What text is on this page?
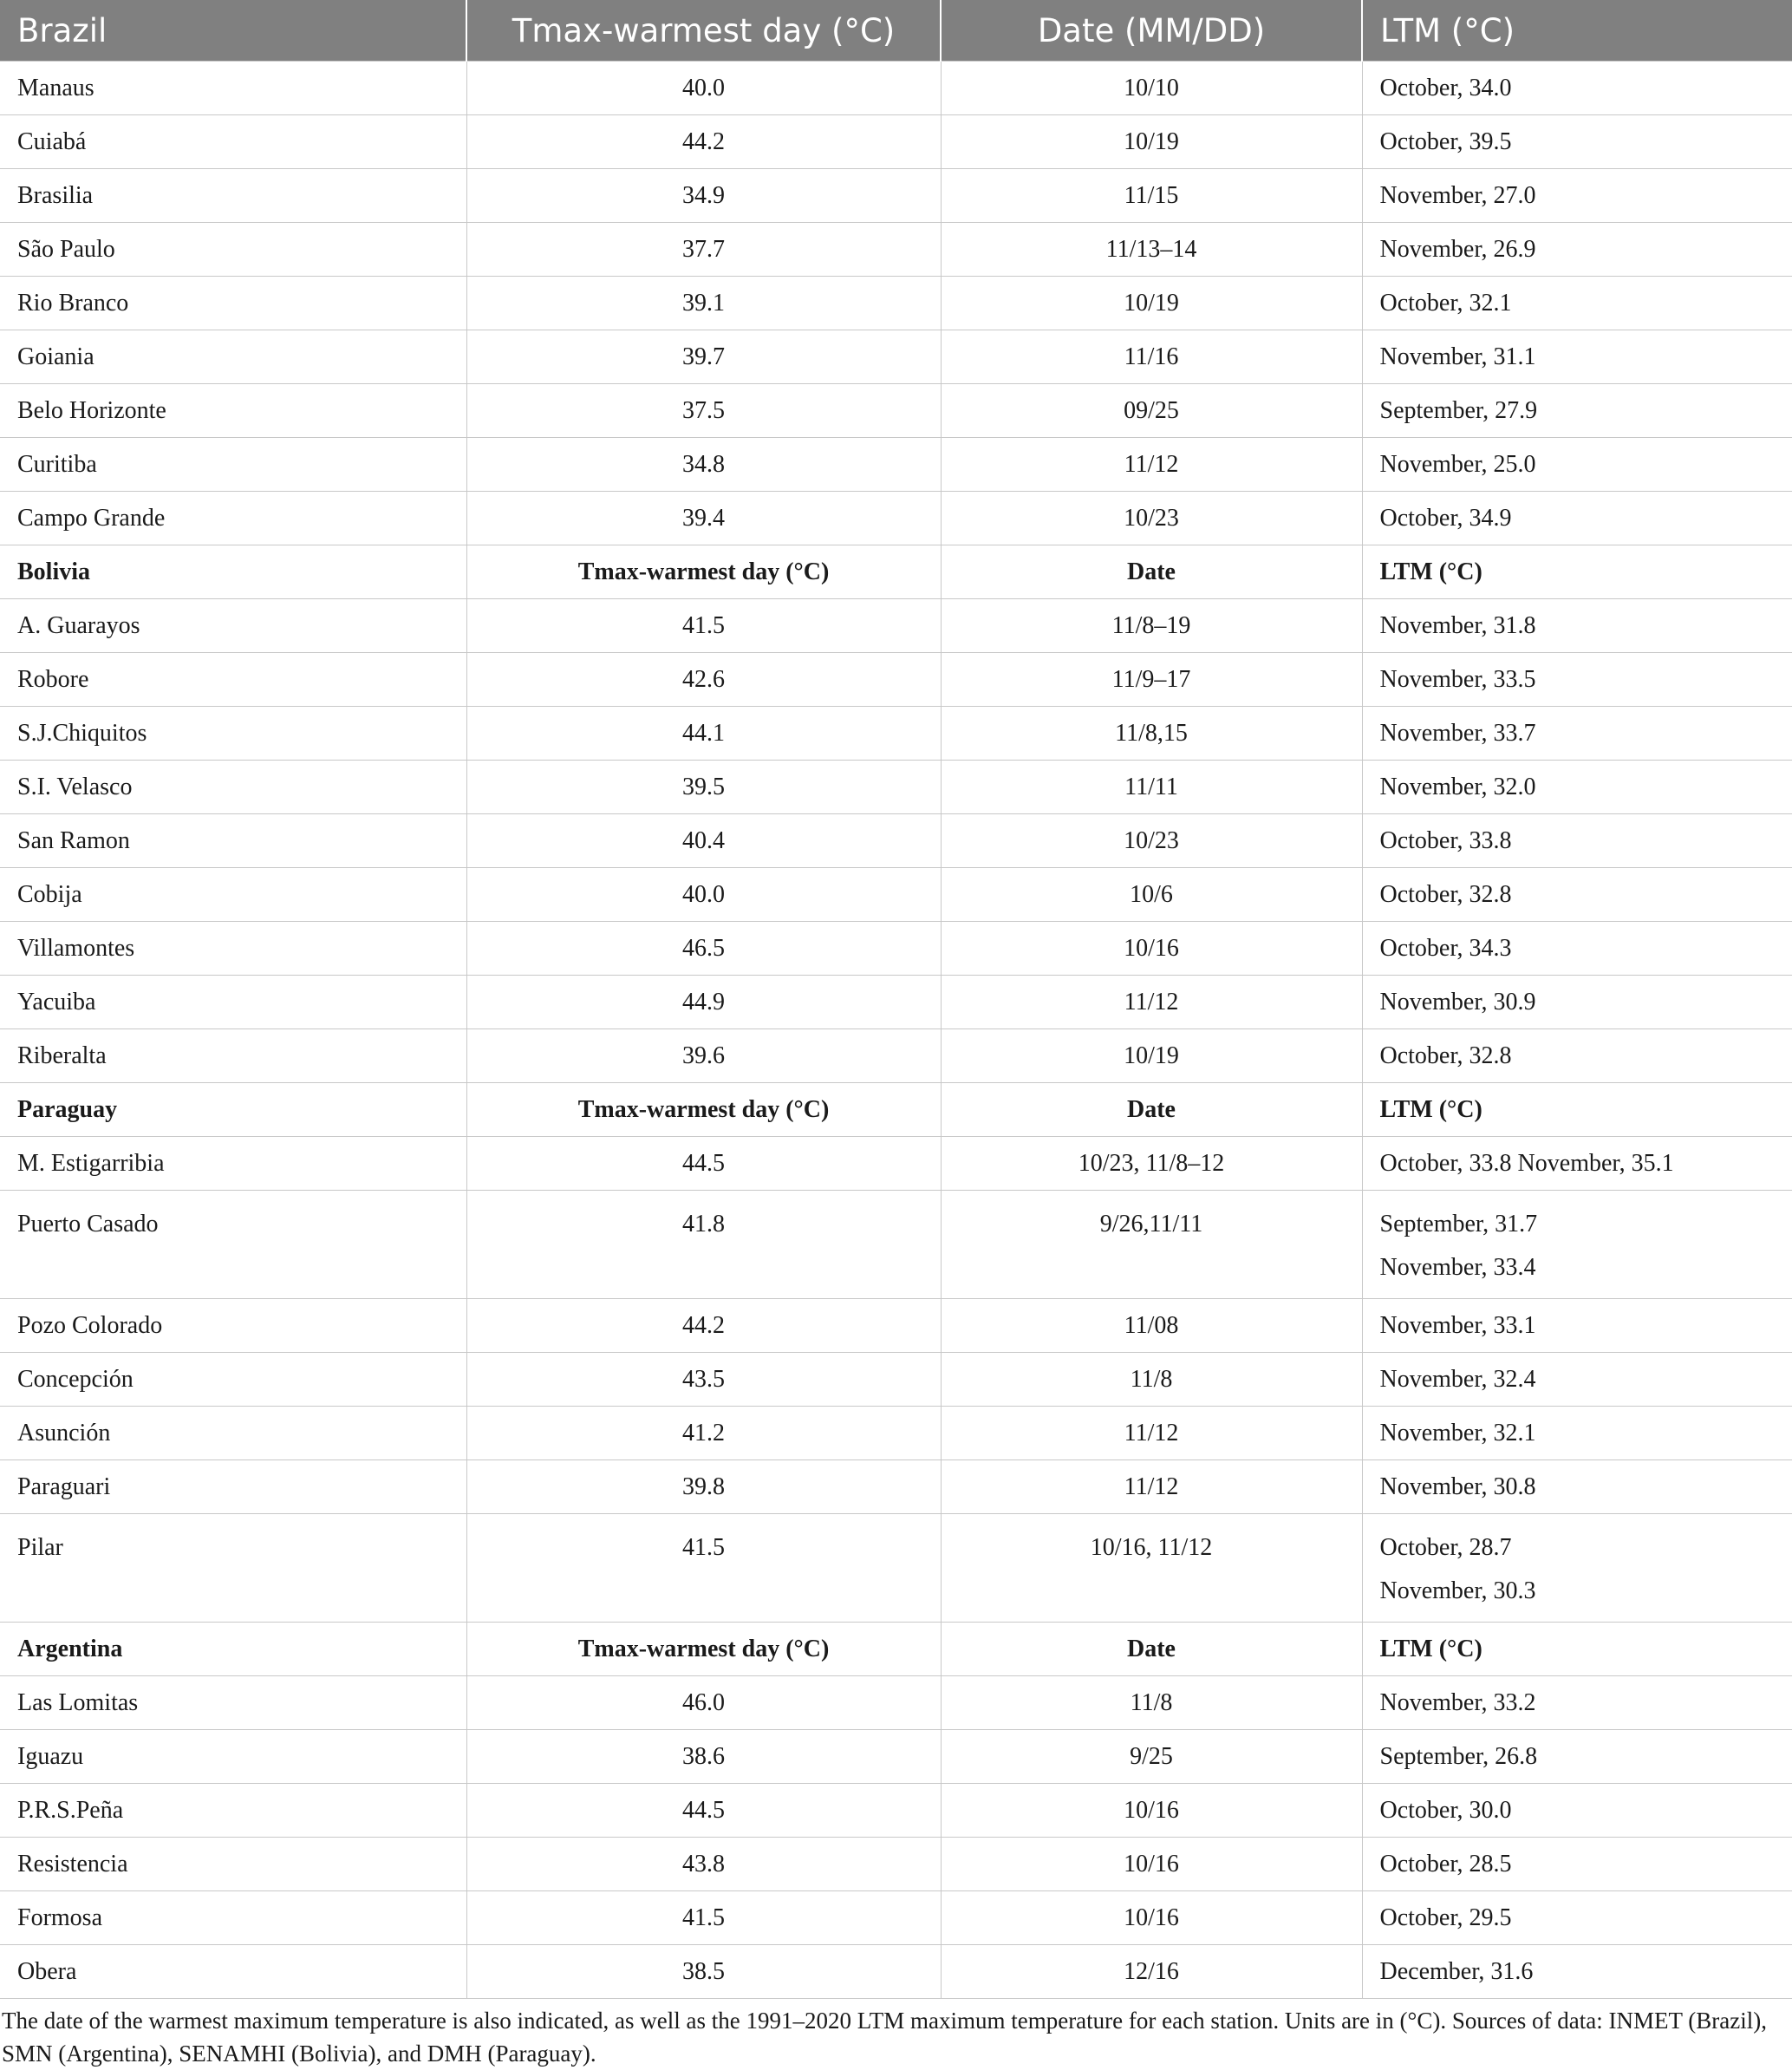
Brazil	Tmax-warmest day (°C)	Date (MM/DD)	LTM (°C)
Manaus	40.0	10/10	October, 34.0
Cuiabá	44.2	10/19	October, 39.5
Brasilia	34.9	11/15	November, 27.0
São Paulo	37.7	11/13–14	November, 26.9
Rio Branco	39.1	10/19	October, 32.1
Goiania	39.7	11/16	November, 31.1
Belo Horizonte	37.5	09/25	September, 27.9
Curitiba	34.8	11/12	November, 25.0
Campo Grande	39.4	10/23	October, 34.9
Bolivia	Tmax-warmest day (°C)	Date	LTM (°C)
A. Guarayos	41.5	11/8–19	November, 31.8
Robore	42.6	11/9–17	November, 33.5
S.J.Chiquitos	44.1	11/8,15	November, 33.7
S.I. Velasco	39.5	11/11	November, 32.0
San Ramon	40.4	10/23	October, 33.8
Cobija	40.0	10/6	October, 32.8
Villamontes	46.5	10/16	October, 34.3
Yacuiba	44.9	11/12	November, 30.9
Riberalta	39.6	10/19	October, 32.8
Paraguay	Tmax-warmest day (°C)	Date	LTM (°C)
M. Estigarribia	44.5	10/23, 11/8–12	October, 33.8 November, 35.1

Puerto Casado	41.8	9/26,11/11	September, 31.7
November, 33.4

Pozo Colorado	44.2	11/08	November, 33.1
Concepción	43.5	11/8	November, 32.4
Asunción	41.2	11/12	November, 32.1
Paraguari	39.8	11/12	November, 30.8

Pilar	41.5	10/16, 11/12	October, 28.7
November, 30.3

Argentina	Tmax-warmest day (°C)	Date	LTM (°C)
Las Lomitas	46.0	11/8	November, 33.2
Iguazu	38.6	9/25	September, 26.8
P.R.S.Peña	44.5	10/16	October, 30.0
Resistencia	43.8	10/16	October, 28.5
Formosa	41.5	10/16	October, 29.5
Obera	38.5	12/16	December, 31.6
The date of the warmest maximum temperature is also indicated, as well as the 1991–2020 LTM maximum temperature for each station. Units are in (°C). Sources of data: INMET (Brazil), SMN (Argentina), SENAMHI (Bolivia), and DMH (Paraguay).
